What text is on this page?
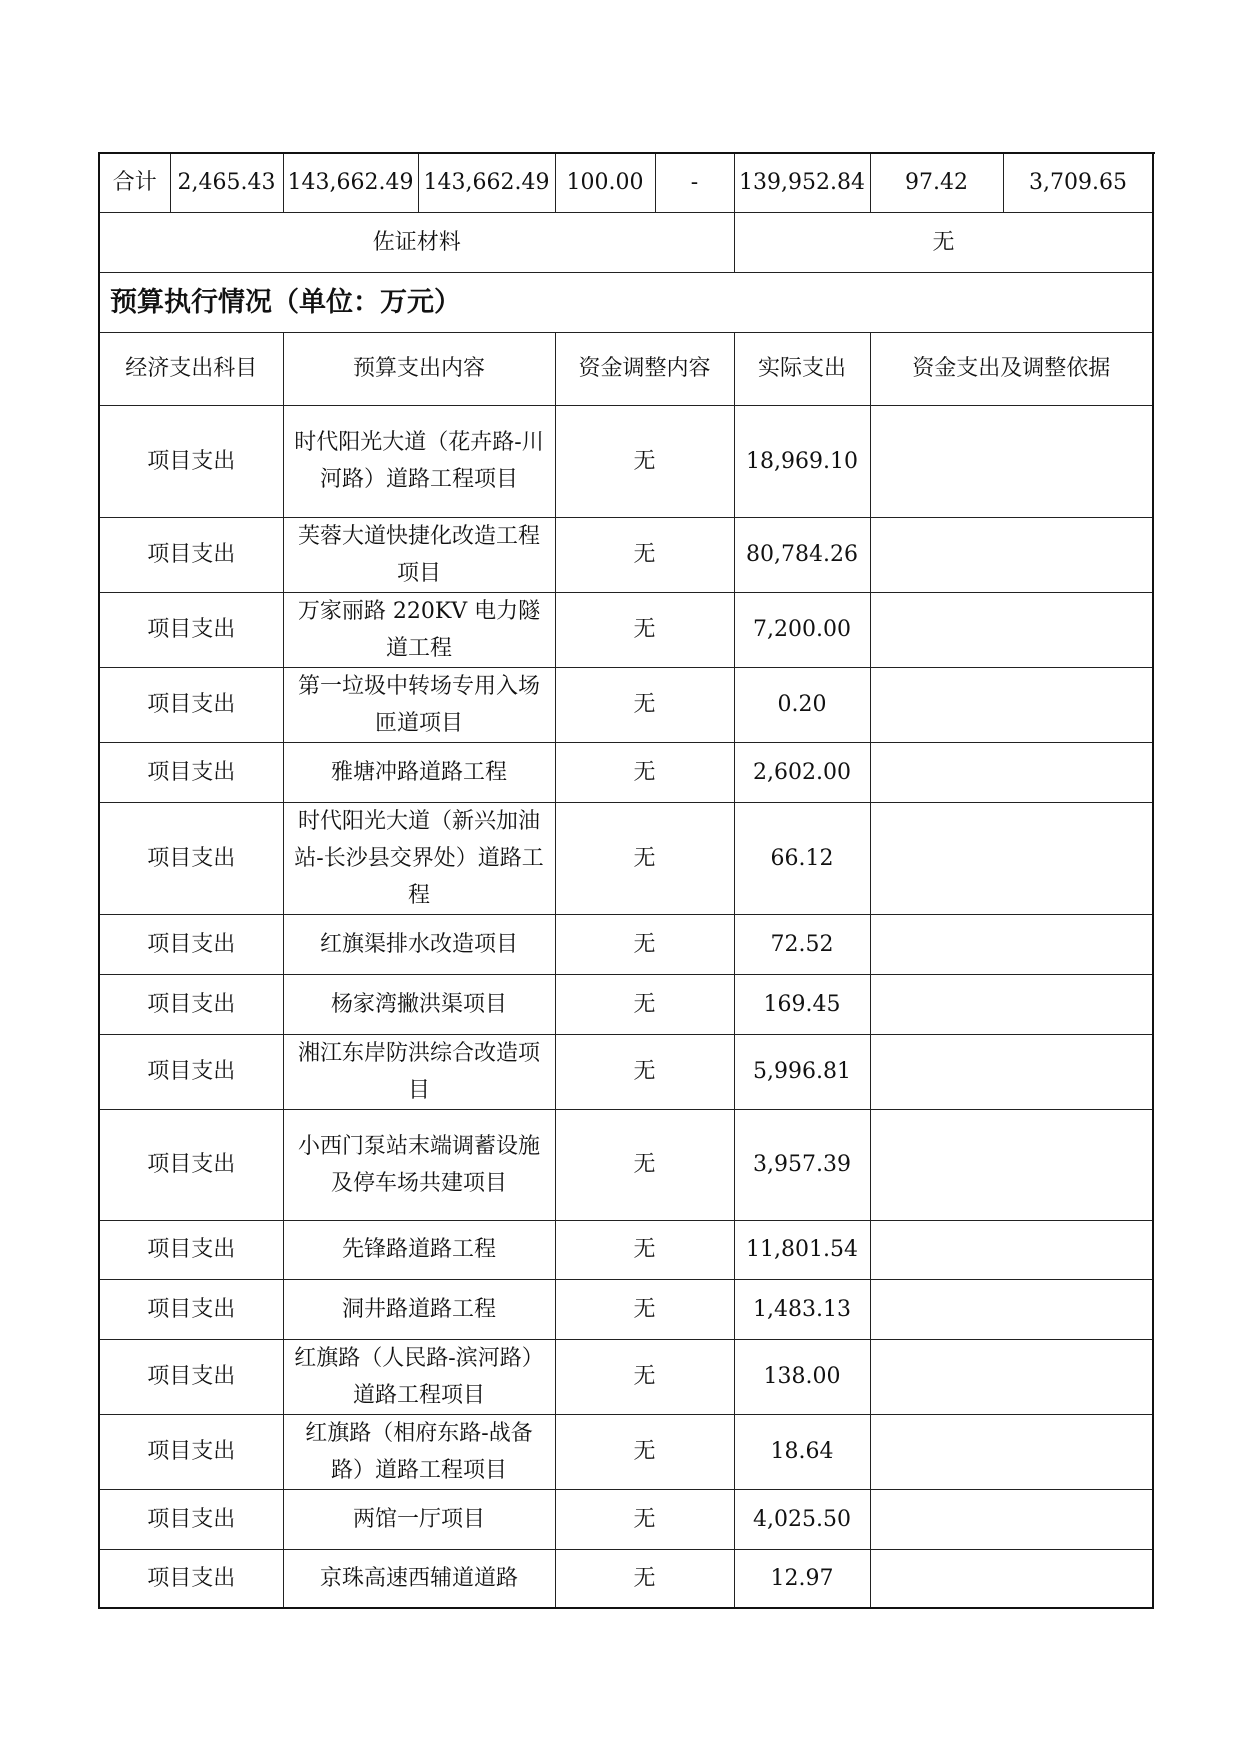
合计	2,465.43	143,662.49	143,662.49	100.00	-	139,952.84	97.42	3,709.65
佐证材料						无		
预算执行情况（单位：万元）								
经济支出科目		预算支出内容		资金调整内容		实际支出	资金支出及调整依据	
项目支出		时代阳光大道（花卉路-川河路）道路工程项目		无		18,969.10		
项目支出		芙蓉大道快捷化改造工程项目		无		80,784.26		
项目支出		万家丽路 220KV 电力隧道工程		无		7,200.00		
项目支出		第一垃圾中转场专用入场匝道项目		无		0.20		
项目支出		雅塘冲路道路工程		无		2,602.00		
项目支出		时代阳光大道（新兴加油站-长沙县交界处）道路工程		无		66.12		
项目支出		红旗渠排水改造项目		无		72.52		
项目支出		杨家湾撇洪渠项目		无		169.45		
项目支出		湘江东岸防洪综合改造项目		无		5,996.81		
项目支出		小西门泵站末端调蓄设施及停车场共建项目		无		3,957.39		
项目支出		先锋路道路工程		无		11,801.54		
项目支出		洞井路道路工程		无		1,483.13		
项目支出		红旗路（人民路-滨河路）道路工程项目		无		138.00		
项目支出		红旗路（相府东路-战备路）道路工程项目		无		18.64		
项目支出		两馆一厅项目		无		4,025.50		
项目支出		京珠高速西辅道道路		无		12.97		
